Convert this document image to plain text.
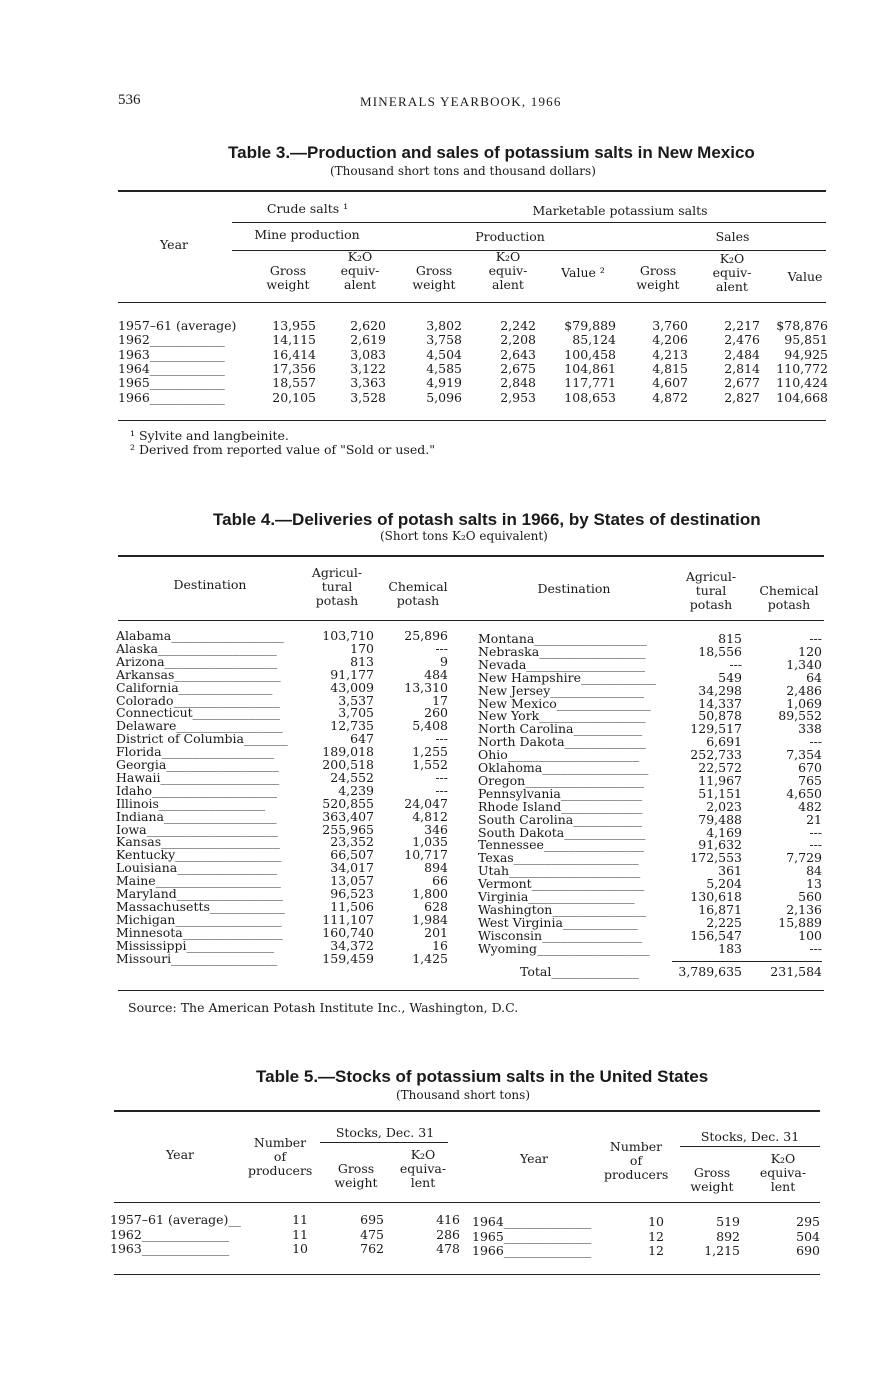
536	MINERALS YEARBOOK, 1966
Table 3.—Production and sales of potassium salts in New Mexico
(Thousand short tons and thousand dollars)
Year
Crude salts ¹	Marketable potassium salts
Mine production	Production	Sales
Gross weight
K₂O equiv-alent
Gross weight
K₂O equiv-alent
Value ²	Gross weight
K₂O equiv-alent
Value
1957–61 (average)	13,955	2,620	3,802	2,242	$79,889	3,760	2,217	$78,876
1962____________	14,115	2,619	3,758	2,208	85,124	4,206	2,476	95,851
1963____________	16,414	3,083	4,504	2,643	100,458	4,213	2,484	94,925
1964____________	17,356	3,122	4,585	2,675	104,861	4,815	2,814	110,772
1965____________	18,557	3,363	4,919	2,848	117,771	4,607	2,677	110,424
1966____________	20,105	3,528	5,096	2,953	108,653	4,872	2,827	104,668
¹ Sylvite and langbeinite.
² Derived from reported value of "Sold or used."
Table 4.—Deliveries of potash salts in 1966, by States of destination
(Short tons K₂O equivalent)
Destination
Agricul-tural potash
Chemical potash
Destination
Agricul-tural potash
Chemical potash
Alabama__________________	103,710	25,896
Alaska___________________	170	---
Arizona__________________	813	9
Arkansas_________________	91,177	484
California_______________	43,009	13,310
Colorado_________________	3,537	17
Connecticut______________	3,705	260
Delaware_________________	12,735	5,408
District of Columbia_______	647	---
Florida__________________	189,018	1,255
Georgia__________________	200,518	1,552
Hawaii___________________	24,552	---
Idaho____________________	4,239	---
Illinois_________________	520,855	24,047
Indiana__________________	363,407	4,812
Iowa_____________________	255,965	346
Kansas___________________	23,352	1,035
Kentucky_________________	66,507	10,717
Louisiana________________	34,017	894
Maine____________________	13,057	66
Maryland_________________	96,523	1,800
Massachusetts____________	11,506	628
Michigan_________________	111,107	1,984
Minnesota________________	160,740	201
Mississippi______________	34,372	16
Missouri_________________	159,459	1,425
Montana__________________	815	---
Nebraska_________________	18,556	120
Nevada___________________	---	1,340
New Hampshire____________	549	64
New Jersey_______________	34,298	2,486
New Mexico_______________	14,337	1,069
New York_________________	50,878	89,552
North Carolina___________	129,517	338
North Dakota_____________	6,691	---
Ohio_____________________	252,733	7,354
Oklahoma_________________	22,572	670
Oregon___________________	11,967	765
Pennsylvania_____________	51,151	4,650
Rhode Island_____________	2,023	482
South Carolina___________	79,488	21
South Dakota_____________	4,169	---
Tennessee________________	91,632	---
Texas____________________	172,553	7,729
Utah_____________________	361	84
Vermont__________________	5,204	13
Virginia_________________	130,618	560
Washington_______________	16,871	2,136
West Virginia____________	2,225	15,889
Wisconsin________________	156,547	100
Wyoming__________________	183	---
Total______________	3,789,635	231,584
Source: The American Potash Institute Inc., Washington, D.C.
Table 5.—Stocks of potassium salts in the United States
(Thousand short tons)
Year
Number of producers
Stocks, Dec. 31
Gross weight
K₂O equiva-lent
Year
Number of producers
Stocks, Dec. 31
Gross weight
K₂O equiva-lent
1957–61 (average)__	11	695	416
1962______________	11	475	286
1963______________	10	762	478
1964______________	10	519	295
1965______________	12	892	504
1966______________	12	1,215	690
